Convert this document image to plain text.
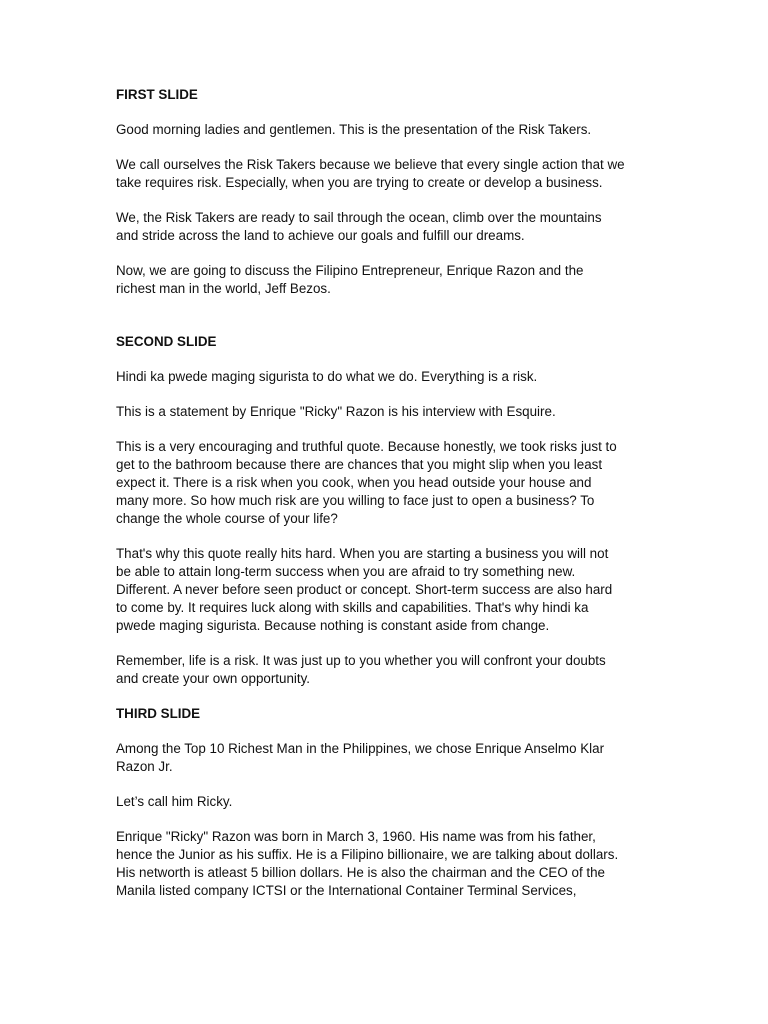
FIRST SLIDE
Good morning ladies and gentlemen. This is the presentation of the Risk Takers.
We call ourselves the Risk Takers because we believe that every single action that we
take requires risk. Especially, when you are trying to create or develop a business.
We, the Risk Takers are ready to sail through the ocean, climb over the mountains
and stride across the land to achieve our goals and fulfill our dreams.
Now, we are going to discuss the Filipino Entrepreneur, Enrique Razon and the
richest man in the world, Jeff Bezos.
SECOND SLIDE
Hindi ka pwede maging sigurista to do what we do. Everything is a risk.
This is a statement by Enrique "Ricky" Razon is his interview with Esquire.
This is a very encouraging and truthful quote. Because honestly, we took risks just to
get to the bathroom because there are chances that you might slip when you least
expect it. There is a risk when you cook, when you head outside your house and
many more. So how much risk are you willing to face just to open a business? To
change the whole course of your life?
That's why this quote really hits hard. When you are starting a business you will not
be able to attain long-term success when you are afraid to try something new.
Different. A never before seen product or concept. Short-term success are also hard
to come by. It requires luck along with skills and capabilities. That's why hindi ka
pwede maging sigurista. Because nothing is constant aside from change.
Remember, life is a risk. It was just up to you whether you will confront your doubts
and create your own opportunity.
THIRD SLIDE
Among the Top 10 Richest Man in the Philippines, we chose Enrique Anselmo Klar
Razon Jr.
Let’s call him Ricky.
Enrique "Ricky" Razon was born in March 3, 1960. His name was from his father,
hence the Junior as his suffix. He is a Filipino billionaire, we are talking about dollars.
His networth is atleast 5 billion dollars. He is also the chairman and the CEO of the
Manila listed company ICTSI or the International Container Terminal Services,
